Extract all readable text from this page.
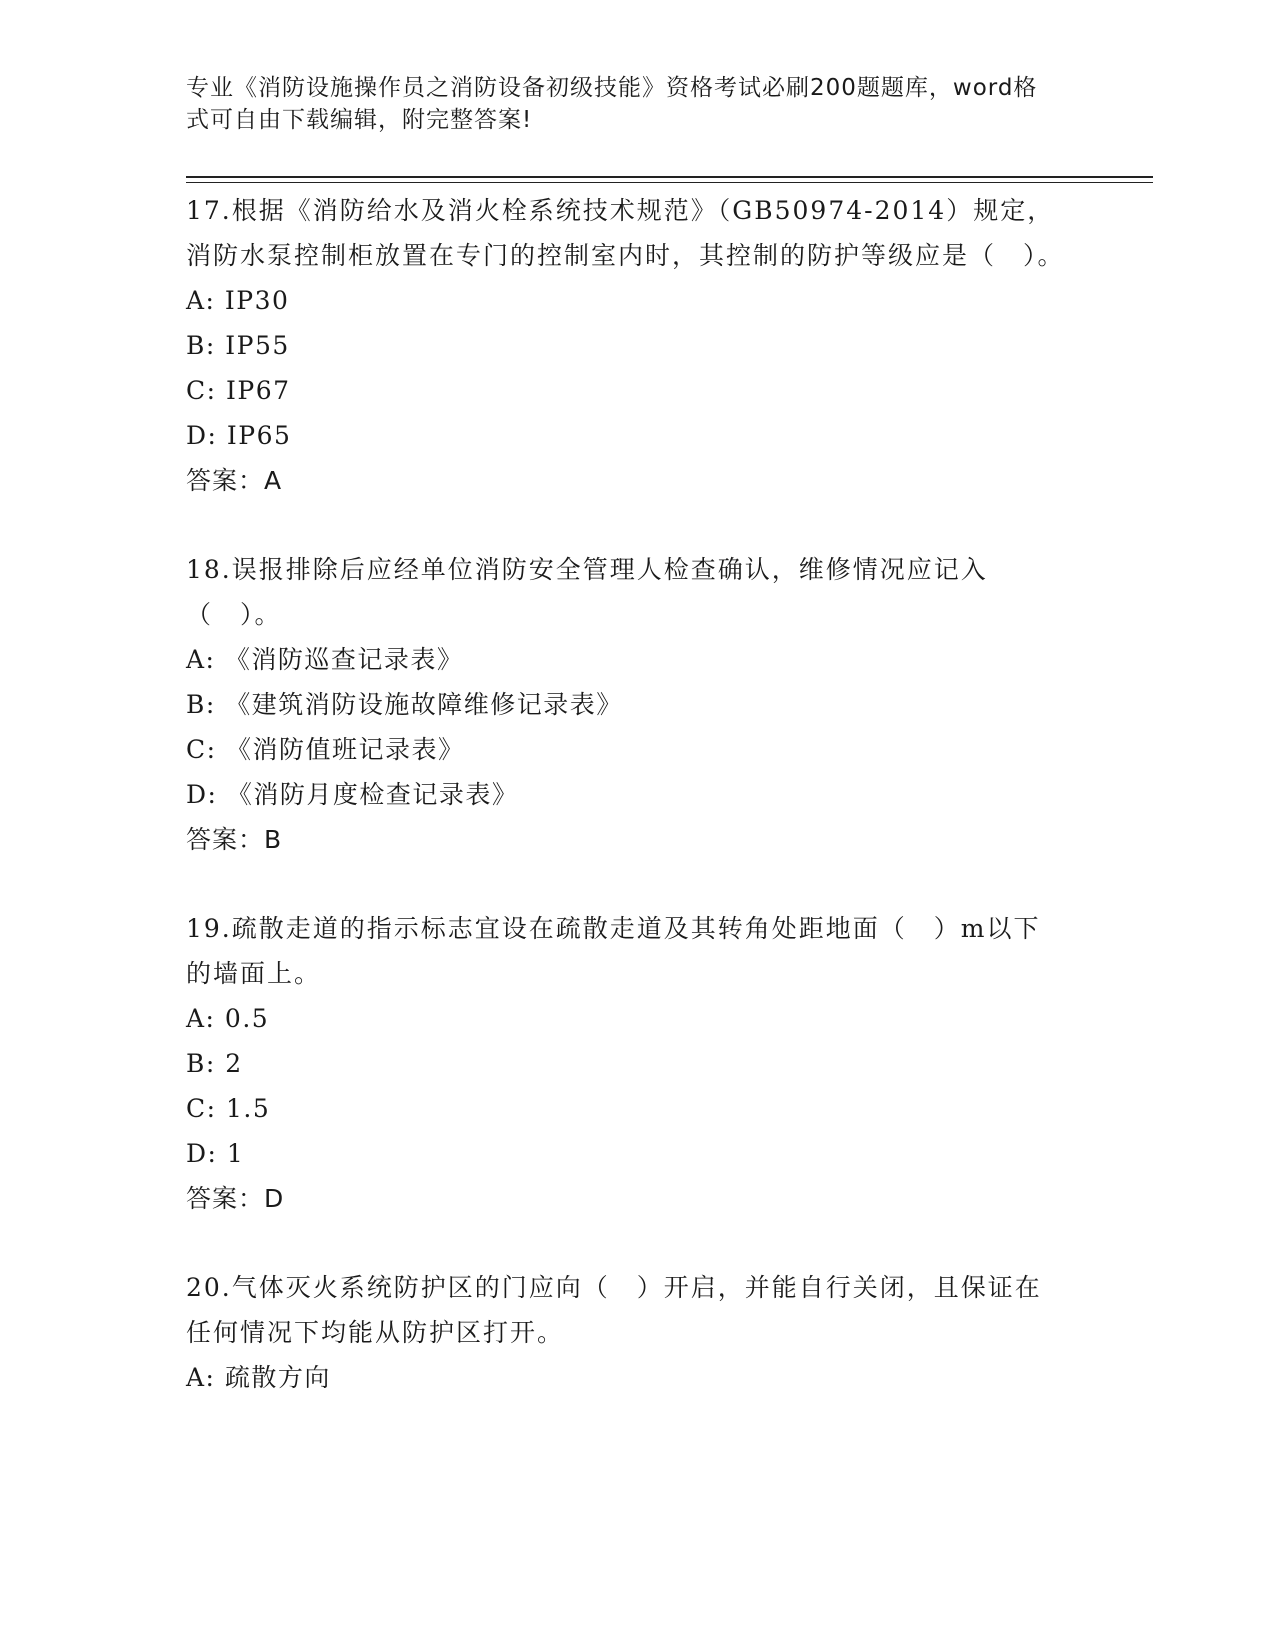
专业《消防设施操作员之消防设备初级技能》资格考试必刷200题题库，word格
式可自由下载编辑，附完整答案!

17.根据《消防给水及消火栓系统技术规范》（GB50974-2014）规定，消防水泵控制柜放置在专门的控制室内时，其控制的防护等级应是（　）。

A: IP30

B: IP55

C: IP67

D: IP65

答案：A

18.误报排除后应经单位消防安全管理人检查确认，维修情况应记入（　）。

A: 《消防巡查记录表》

B: 《建筑消防设施故障维修记录表》

C: 《消防值班记录表》

D: 《消防月度检查记录表》

答案：B

19.疏散走道的指示标志宜设在疏散走道及其转角处距地面（　）m以下的墙面上。

A: 0.5

B: 2

C: 1.5

D: 1

答案：D

20.气体灭火系统防护区的门应向（　）开启，并能自行关闭，且保证在任何情况下均能从防护区打开。

A: 疏散方向
